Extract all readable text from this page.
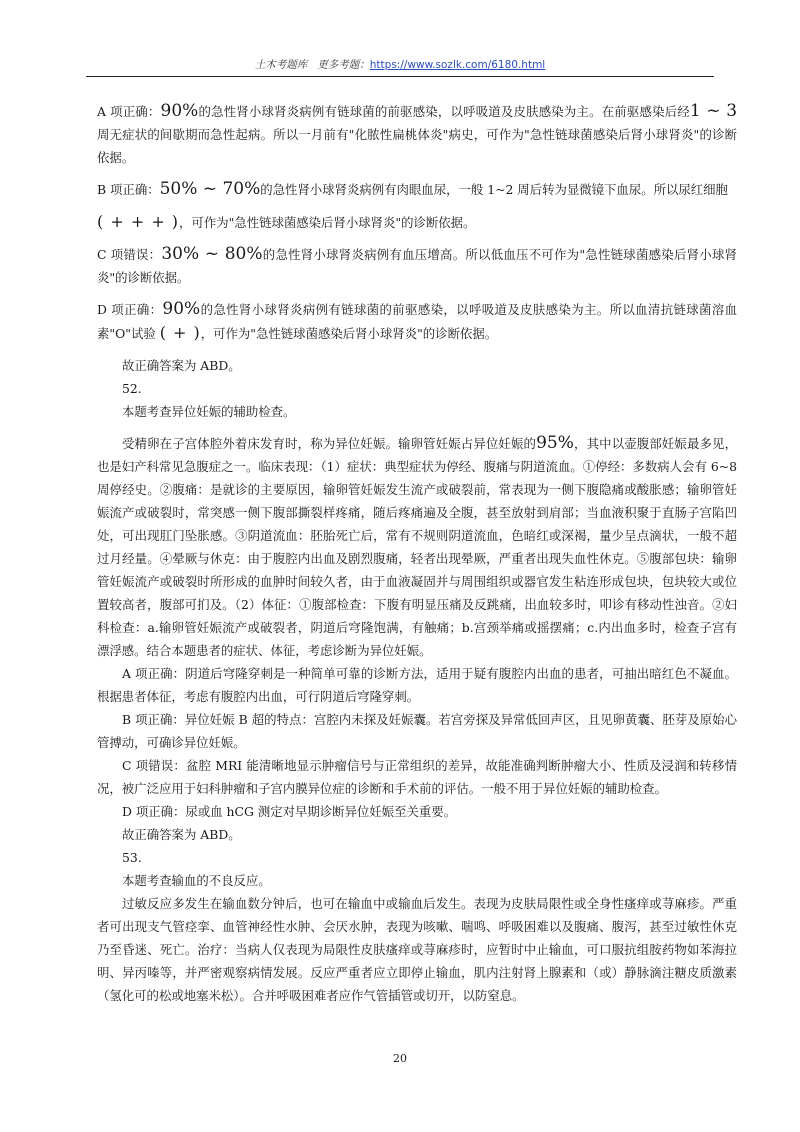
土木考题库 更多考题：https://www.sozlk.com/6180.html

A 项正确：90%的急性肾小球肾炎病例有链球菌的前驱感染，以呼吸道及皮肤感染为主。在前驱感染后经1 ~ 3周无症状的间歇期而急性起病。所以一月前有"化脓性扁桃体炎"病史，可作为"急性链球菌感染后肾小球肾炎"的诊断依据。

B 项正确：50% ~ 70%的急性肾小球肾炎病例有肉眼血尿，一般 1~2 周后转为显微镜下血尿。所以尿红细胞

( + + + )，可作为"急性链球菌感染后肾小球肾炎"的诊断依据。

C 项错误：30% ~ 80%的急性肾小球肾炎病例有血压增高。所以低血压不可作为"急性链球菌感染后肾小球肾炎"的诊断依据。

D 项正确：90%的急性肾小球肾炎病例有链球菌的前驱感染，以呼吸道及皮肤感染为主。所以血清抗链球菌溶血素"O"试验 ( + )，可作为"急性链球菌感染后肾小球肾炎"的诊断依据。

故正确答案为 ABD。

52.

本题考查异位妊娠的辅助检查。

受精卵在子宫体腔外着床发育时，称为异位妊娠。输卵管妊娠占异位妊娠的95%，其中以壶腹部妊娠最多见，也是妇产科常见急腹症之一。临床表现：（1）症状：典型症状为停经、腹痛与阴道流血。①停经：多数病人会有 6~8 周停经史。②腹痛：是就诊的主要原因，输卵管妊娠发生流产或破裂前，常表现为一侧下腹隐痛或酸胀感；输卵管妊娠流产或破裂时，常突感一侧下腹部撕裂样疼痛，随后疼痛遍及全腹，甚至放射到肩部；当血液积聚于直肠子宫陷凹处，可出现肛门坠胀感。③阴道流血：胚胎死亡后，常有不规则阴道流血，色暗红或深褐，量少呈点滴状，一般不超过月经量。④晕厥与休克：由于腹腔内出血及剧烈腹痛，轻者出现晕厥，严重者出现失血性休克。⑤腹部包块：输卵管妊娠流产或破裂时所形成的血肿时间较久者，由于血液凝固并与周围组织或器官发生粘连形成包块，包块较大或位置较高者，腹部可扪及。（2）体征：①腹部检查：下腹有明显压痛及反跳痛，出血较多时，叩诊有移动性浊音。②妇科检查：a.输卵管妊娠流产或破裂者，阴道后穹隆饱满，有触痛；b.宫颈举痛或摇摆痛；c.内出血多时，检查子宫有漂浮感。结合本题患者的症状、体征，考虑诊断为异位妊娠。

A 项正确：阴道后穹隆穿刺是一种简单可靠的诊断方法，适用于疑有腹腔内出血的患者，可抽出暗红色不凝血。根据患者体征，考虑有腹腔内出血，可行阴道后穹隆穿刺。

B 项正确：异位妊娠 B 超的特点：宫腔内未探及妊娠囊。若宫旁探及异常低回声区，且见卵黄囊、胚芽及原始心管搏动，可确诊异位妊娠。

C 项错误：盆腔 MRI 能清晰地显示肿瘤信号与正常组织的差异，故能准确判断肿瘤大小、性质及浸润和转移情况，被广泛应用于妇科肿瘤和子宫内膜异位症的诊断和手术前的评估。一般不用于异位妊娠的辅助检查。

D 项正确：尿或血 hCG 测定对早期诊断异位妊娠至关重要。

故正确答案为 ABD。

53.

本题考查输血的不良反应。

过敏反应多发生在输血数分钟后，也可在输血中或输血后发生。表现为皮肤局限性或全身性瘙痒或荨麻疹。严重者可出现支气管痉挛、血管神经性水肿、会厌水肿，表现为咳嗽、喘鸣、呼吸困难以及腹痛、腹泻，甚至过敏性休克乃至昏迷、死亡。治疗：当病人仅表现为局限性皮肤瘙痒或荨麻疹时，应暂时中止输血，可口服抗组胺药物如苯海拉明、异丙嗪等，并严密观察病情发展。反应严重者应立即停止输血，肌内注射肾上腺素和（或）静脉滴注糖皮质激素（氢化可的松或地塞米松）。合并呼吸困难者应作气管插管或切开，以防窒息。

20
